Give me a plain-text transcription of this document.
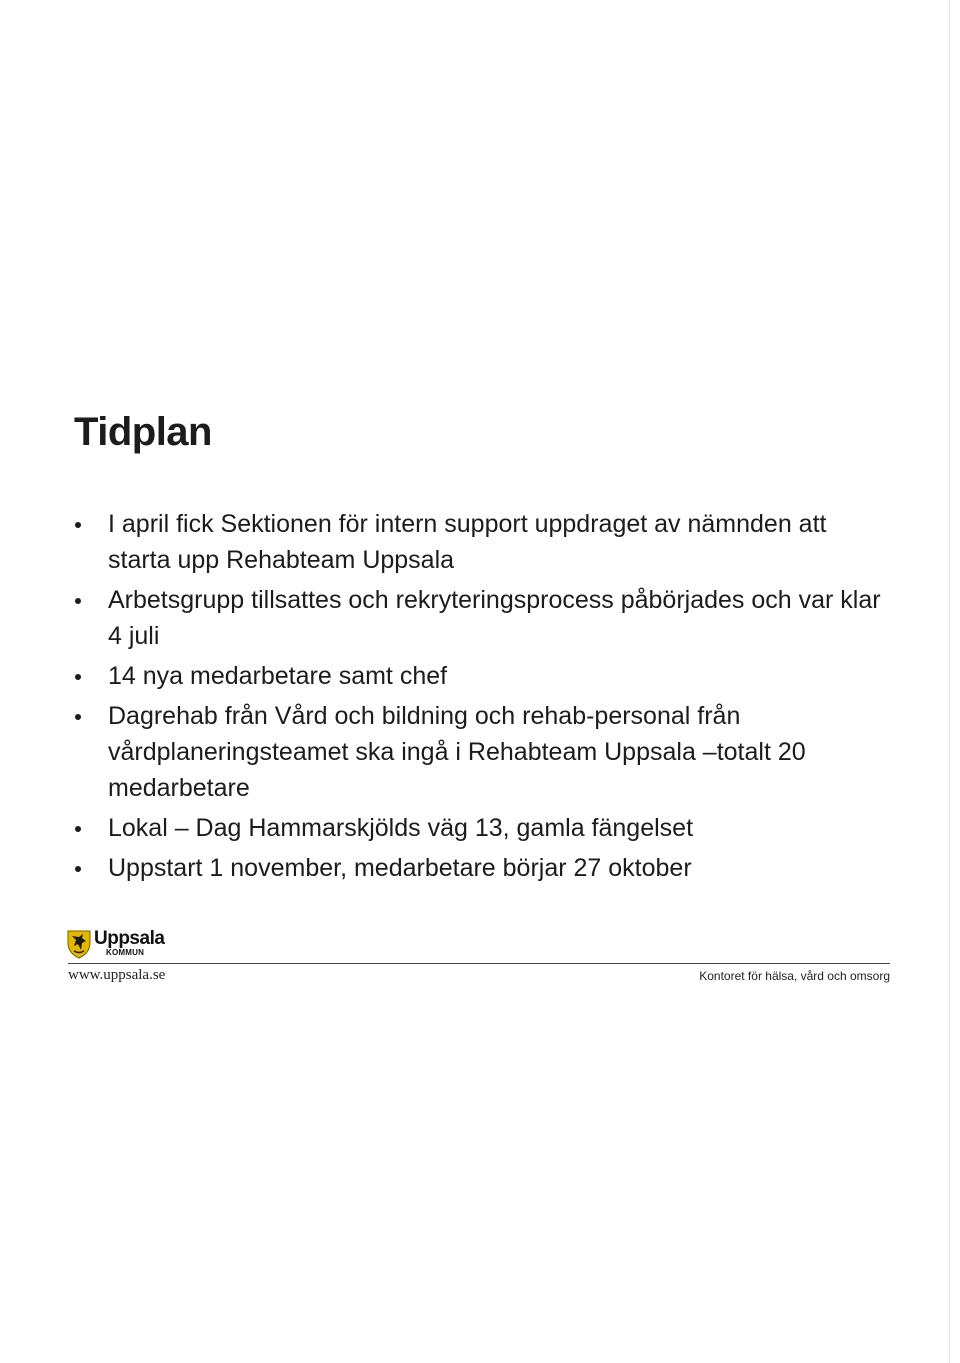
Tidplan
I april fick Sektionen för intern support uppdraget av nämnden att starta upp Rehabteam Uppsala
Arbetsgrupp tillsattes och rekryteringsprocess påbörjades och var klar 4 juli
14 nya medarbetare samt chef
Dagrehab från Vård och bildning och rehab-personal från vårdplaneringsteamet ska ingå i Rehabteam Uppsala –totalt 20 medarbetare
Lokal – Dag Hammarskjölds väg 13, gamla fängelset
Uppstart 1 november, medarbetare börjar 27 oktober
Uppsala
KOMMUN
www.uppsala.se	Kontoret för hälsa, vård och omsorg
